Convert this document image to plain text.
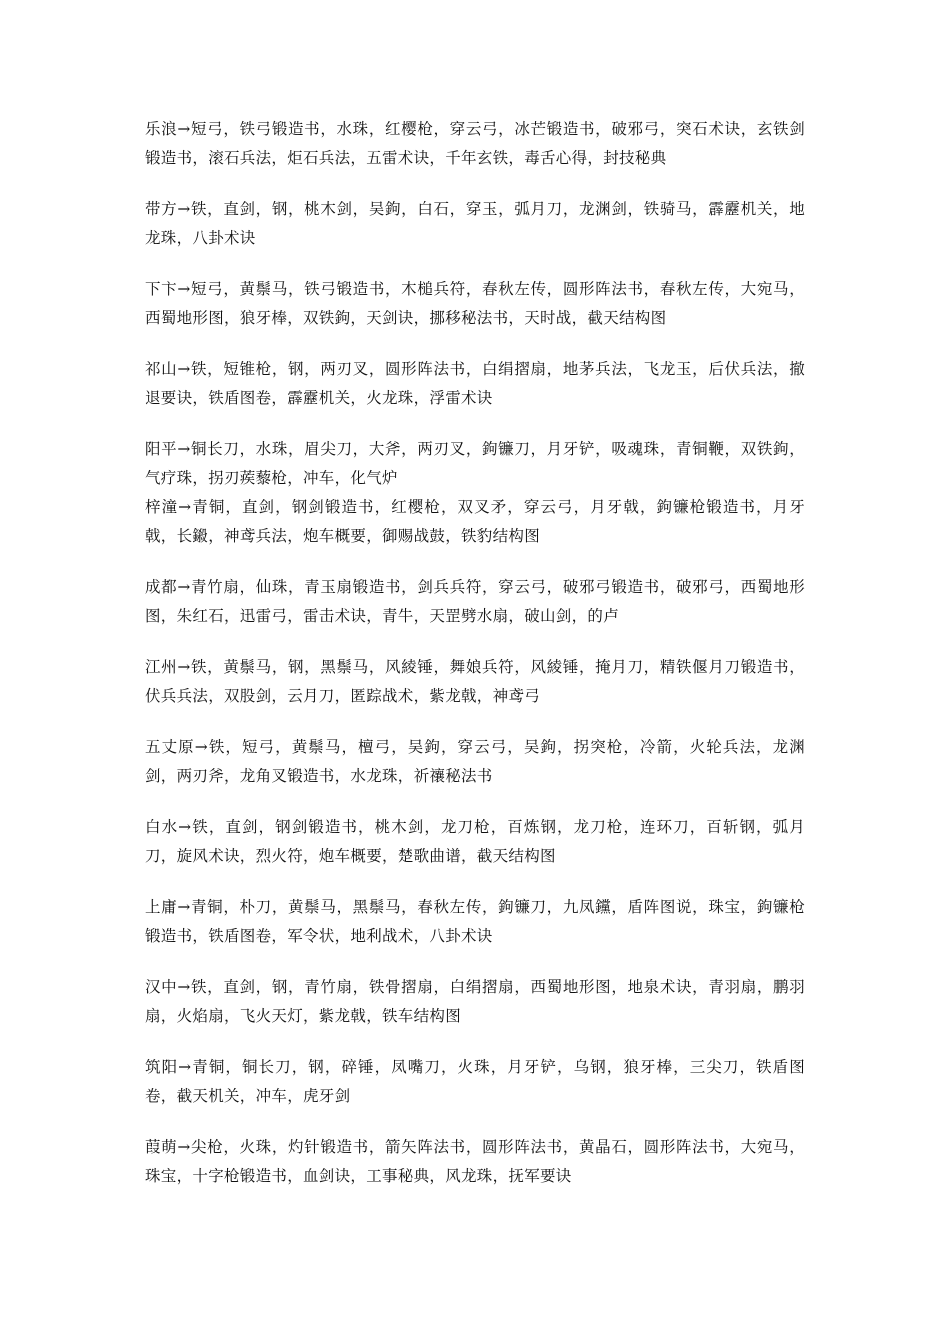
乐浪→短弓，铁弓锻造书，水珠，红樱枪，穿云弓，冰芒锻造书，破邪弓，突石术诀，玄铁剑锻造书，滚石兵法，炬石兵法，五雷术诀，千年玄铁，毒舌心得，封技秘典

带方→铁，直剑，钢，桃木剑，吴鉤，白石，穿玉，弧月刀，龙渊剑，铁骑马，霹靂机关，地龙珠，八卦术诀

下卞→短弓，黄鬃马，铁弓锻造书，木槌兵符，春秋左传，圆形阵法书，春秋左传，大宛马，西蜀地形图，狼牙棒，双铁鉤，天剑诀，挪移秘法书，天时战，截天结构图

祁山→铁，短锥枪，钢，两刃叉，圆形阵法书，白绢摺扇，地茅兵法，飞龙玉，后伏兵法，撤退要诀，铁盾图卷，霹靂机关，火龙珠，浮雷术诀

阳平→铜长刀，水珠，眉尖刀，大斧，两刃叉，鉤镰刀，月牙铲，吸魂珠，青铜鞭，双铁鉤，气疗珠，拐刃蒺藜枪，冲车，化气炉

梓潼→青铜，直剑，钢剑锻造书，红樱枪，双叉矛，穿云弓，月牙戟，鉤镰枪锻造书，月牙戟，长鎩，神鸢兵法，炮车概要，御赐战鼓，铁豹结构图

成都→青竹扇，仙珠，青玉扇锻造书，剑兵兵符，穿云弓，破邪弓锻造书，破邪弓，西蜀地形图，朱红石，迅雷弓，雷击术诀，青牛，天罡劈水扇，破山剑，的卢

江州→铁，黄鬃马，钢，黑鬃马，风綾锤，舞娘兵符，风綾锤，掩月刀，精铁偃月刀锻造书，伏兵兵法，双股剑，云月刀，匿踪战术，紫龙戟，神鸢弓

五丈原→铁，短弓，黄鬃马，檀弓，吴鉤，穿云弓，吴鉤，拐突枪，冷箭，火轮兵法，龙渊剑，两刃斧，龙角叉锻造书，水龙珠，祈禳秘法书

白水→铁，直剑，钢剑锻造书，桃木剑，龙刀枪，百炼钢，龙刀枪，连环刀，百斩钢，弧月刀，旋风术诀，烈火符，炮车概要，楚歌曲谱，截天结构图

上庸→青铜，朴刀，黄鬃马，黑鬃马，春秋左传，鉤镰刀，九凤钂，盾阵图说，珠宝，鉤镰枪锻造书，铁盾图卷，军令状，地利战术，八卦术诀

汉中→铁，直剑，钢，青竹扇，铁骨摺扇，白绢摺扇，西蜀地形图，地泉术诀，青羽扇，鹏羽扇，火焰扇，飞火天灯，紫龙戟，铁车结构图

筑阳→青铜，铜长刀，钢，碎锤，凤嘴刀，火珠，月牙铲，乌钢，狼牙棒，三尖刀，铁盾图卷，截天机关，冲车，虎牙剑

葭萌→尖枪，火珠，灼针锻造书，箭矢阵法书，圆形阵法书，黄晶石，圆形阵法书，大宛马，珠宝，十字枪锻造书，血剑诀，工事秘典，风龙珠，抚军要诀
